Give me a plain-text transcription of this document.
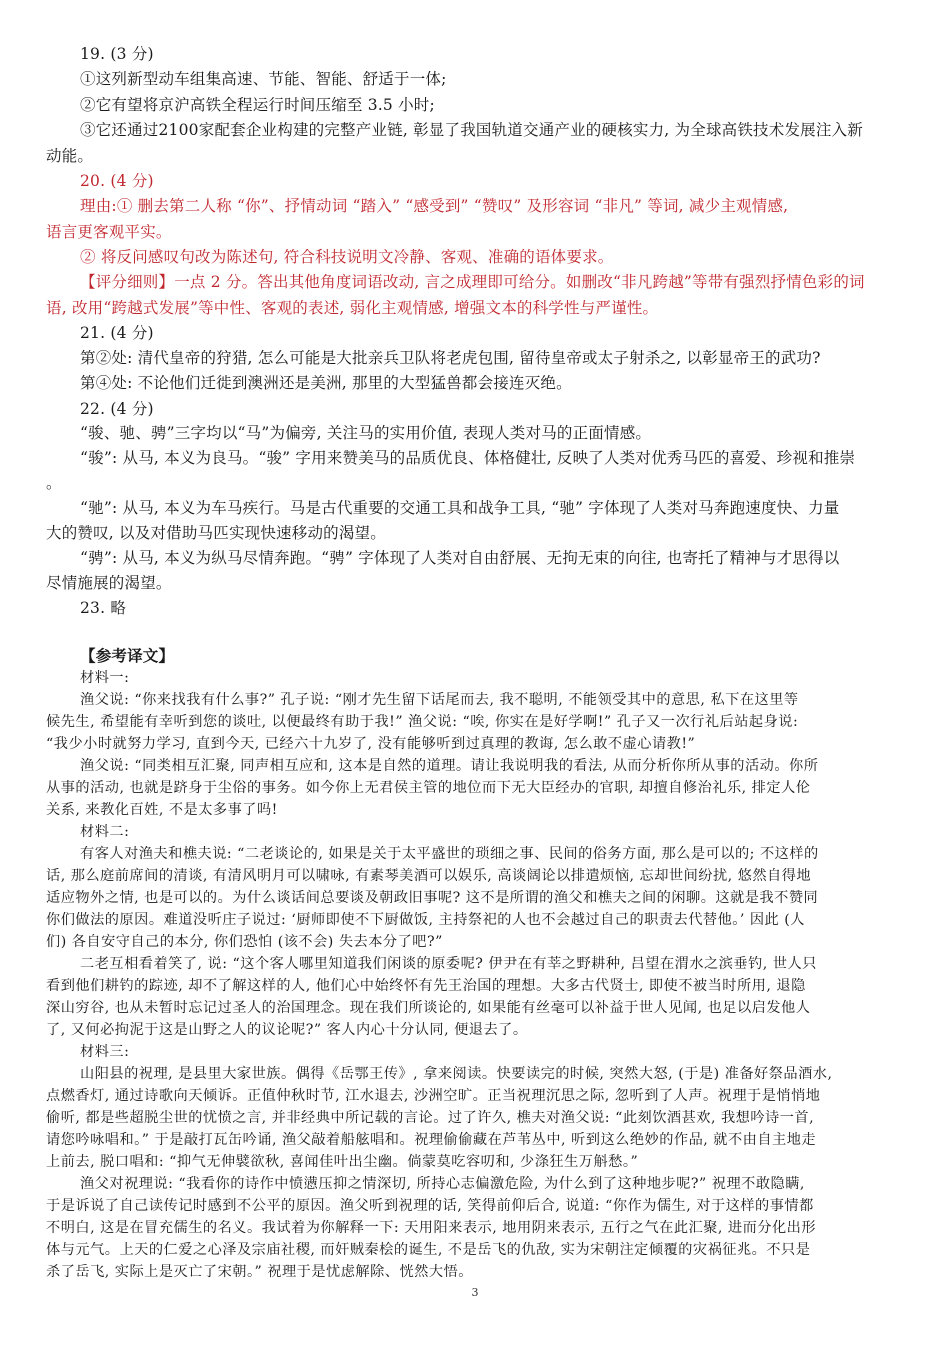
19. (3 分)
①这列新型动车组集高速、节能、智能、舒适于一体;
②它有望将京沪高铁全程运行时间压缩至 3.5 小时;
③它还通过2100家配套企业构建的完整产业链, 彰显了我国轨道交通产业的硬核实力, 为全球高铁技术发展注入新
动能。
20. (4 分)
理由:① 删去第二人称 “你”、抒情动词 “踏入” “感受到” “赞叹” 及形容词 “非凡” 等词, 减少主观情感,
语言更客观平实。
② 将反问感叹句改为陈述句, 符合科技说明文冷静、客观、准确的语体要求。
【评分细则】一点 2 分。答出其他角度词语改动, 言之成理即可给分。如删改“非凡跨越”等带有强烈抒情色彩的词
语, 改用“跨越式发展”等中性、客观的表述, 弱化主观情感, 增强文本的科学性与严谨性。
21. (4 分)
第②处: 清代皇帝的狩猎, 怎么可能是大批亲兵卫队将老虎包围, 留待皇帝或太子射杀之, 以彰显帝王的武功?
第④处: 不论他们迁徙到澳洲还是美洲, 那里的大型猛兽都会接连灭绝。
22. (4 分)
“骏、驰、骋”三字均以“马”为偏旁, 关注马的实用价值, 表现人类对马的正面情感。
“骏”: 从马, 本义为良马。“骏” 字用来赞美马的品质优良、体格健壮, 反映了人类对优秀马匹的喜爱、珍视和推崇
。
“驰”: 从马, 本义为车马疾行。马是古代重要的交通工具和战争工具, “驰” 字体现了人类对马奔跑速度快、力量
大的赞叹, 以及对借助马匹实现快速移动的渴望。
“骋”: 从马, 本义为纵马尽情奔跑。“骋” 字体现了人类对自由舒展、无拘无束的向往, 也寄托了精神与才思得以
尽情施展的渴望。
23. 略
【参考译文】
材料一:
渔父说: “你来找我有什么事?” 孔子说: “刚才先生留下话尾而去, 我不聪明, 不能领受其中的意思, 私下在这里等
候先生, 希望能有幸听到您的谈吐, 以便最终有助于我!” 渔父说: “唉, 你实在是好学啊!” 孔子又一次行礼后站起身说:
“我少小时就努力学习, 直到今天, 已经六十九岁了, 没有能够听到过真理的教诲, 怎么敢不虚心请教!”
渔父说: “同类相互汇聚, 同声相互应和, 这本是自然的道理。请让我说明我的看法, 从而分析你所从事的活动。你所
从事的活动, 也就是跻身于尘俗的事务。如今你上无君侯主管的地位而下无大臣经办的官职, 却擅自修治礼乐, 排定人伦
关系, 来教化百姓, 不是太多事了吗!
材料二:
有客人对渔夫和樵夫说: “二老谈论的, 如果是关于太平盛世的琐细之事、民间的俗务方面, 那么是可以的; 不这样的
话, 那么庭前席间的清谈, 有清风明月可以啸咏, 有素琴美酒可以娱乐, 高谈阔论以排遣烦恼, 忘却世间纷扰, 悠然自得地
适应物外之情, 也是可以的。为什么谈话间总要谈及朝政旧事呢? 这不是所谓的渔父和樵夫之间的闲聊。这就是我不赞同
你们做法的原因。难道没听庄子说过: ‘厨师即使不下厨做饭, 主持祭祀的人也不会越过自己的职责去代替他。’ 因此 (人
们) 各自安守自己的本分, 你们恐怕 (该不会) 失去本分了吧?”
二老互相看着笑了, 说: “这个客人哪里知道我们闲谈的原委呢? 伊尹在有莘之野耕种, 吕望在渭水之滨垂钓, 世人只
看到他们耕钓的踪迹, 却不了解这样的人, 他们心中始终怀有先王治国的理想。大多古代贤士, 即使不被当时所用, 退隐
深山穷谷, 也从未暂时忘记过圣人的治国理念。现在我们所谈论的, 如果能有丝毫可以补益于世人见闻, 也足以启发他人
了, 又何必拘泥于这是山野之人的议论呢?” 客人内心十分认同, 便退去了。
材料三:
山阳县的祝理, 是县里大家世族。偶得《岳鄂王传》, 拿来阅读。快要读完的时候, 突然大怒, (于是) 准备好祭品酒水,
点燃香灯, 通过诗歌向天倾诉。正值仲秋时节, 江水退去, 沙洲空旷。正当祝理沉思之际, 忽听到了人声。祝理于是悄悄地
偷听, 都是些超脱尘世的忧愤之言, 并非经典中所记载的言论。过了许久, 樵夫对渔父说: “此刻饮酒甚欢, 我想吟诗一首,
请您吟咏唱和。” 于是敲打瓦缶吟诵, 渔父敲着船舷唱和。祝理偷偷藏在芦苇丛中, 听到这么绝妙的作品, 就不由自主地走
上前去, 脱口唱和: “抑气无伸襞欲秋, 喜闻佳叶出尘幽。倘蒙莫吃容叨和, 少涤狂生万斛愁。”
渔父对祝理说: “我看你的诗作中愤懑压抑之情深切, 所持心志偏激危险, 为什么到了这种地步呢?” 祝理不敢隐瞒,
于是诉说了自己读传记时感到不公平的原因。渔父听到祝理的话, 笑得前仰后合, 说道: “你作为儒生, 对于这样的事情都
不明白, 这是在冒充儒生的名义。我试着为你解释一下: 天用阳来表示, 地用阴来表示, 五行之气在此汇聚, 进而分化出形
体与元气。上天的仁爱之心泽及宗庙社稷, 而奸贼秦桧的诞生, 不是岳飞的仇敌, 实为宋朝注定倾覆的灾祸征兆。不只是
杀了岳飞, 实际上是灭亡了宋朝。” 祝理于是忧虑解除、恍然大悟。
3
